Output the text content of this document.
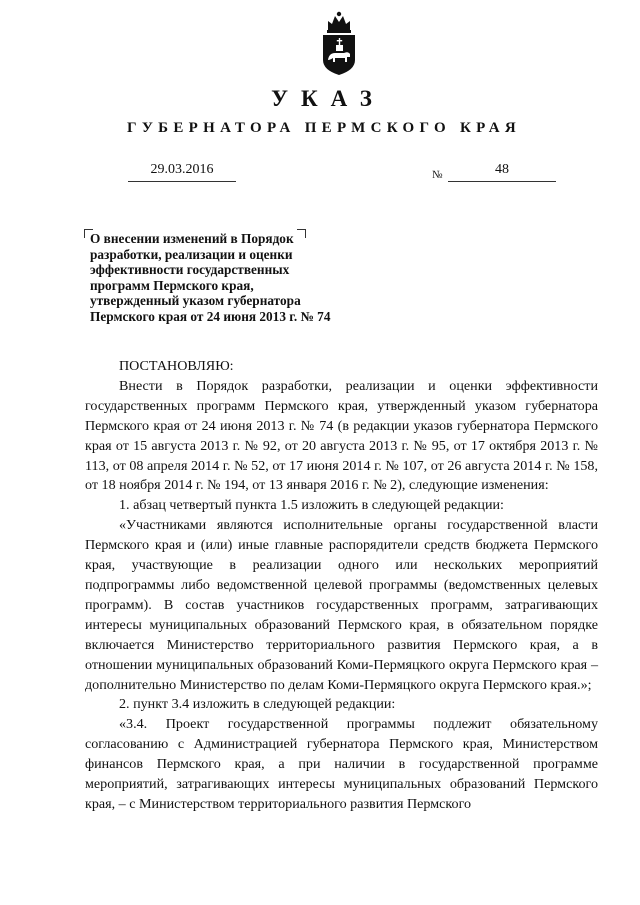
УКАЗ
ГУБЕРНАТОРА ПЕРМСКОГО КРАЯ
29.03.2016	№	48
О внесении изменений в Порядок
разработки, реализации и оценки
эффективности государственных
программ Пермского края,
утвержденный указом губернатора
Пермского края от 24 июня 2013 г. № 74

ПОСТАНОВЛЯЮ:

Внести в Порядок разработки, реализации и оценки эффективности государственных программ Пермского края, утвержденный указом губернатора Пермского края от 24 июня 2013 г. № 74 (в редакции указов губернатора Пермского края от 15 августа 2013 г. № 92, от 20 августа 2013 г. № 95, от 17 октября 2013 г. № 113, от 08 апреля 2014 г. № 52, от 17 июня 2014 г. № 107, от 26 августа 2014 г. № 158, от 18 ноября 2014 г. № 194, от 13 января 2016 г. № 2), следующие изменения:

1. абзац четвертый пункта 1.5 изложить в следующей редакции:

«Участниками являются исполнительные органы государственной власти Пермского края и (или) иные главные распорядители средств бюджета Пермского края, участвующие в реализации одного или нескольких мероприятий подпрограммы либо ведомственной целевой программы (ведомственных целевых программ). В состав участников государственных программ, затрагивающих интересы муниципальных образований Пермского края, в обязательном порядке включается Министерство территориального развития Пермского края, а в отношении муниципальных образований Коми-Пермяцкого округа Пермского края – дополнительно Министерство по делам Коми-Пермяцкого округа Пермского края.»;

2. пункт 3.4 изложить в следующей редакции:

«3.4. Проект государственной программы подлежит обязательному согласованию с Администрацией губернатора Пермского края, Министерством финансов Пермского края, а при наличии в государственной программе мероприятий, затрагивающих интересы муниципальных образований Пермского края, – с Министерством территориального развития Пермского
